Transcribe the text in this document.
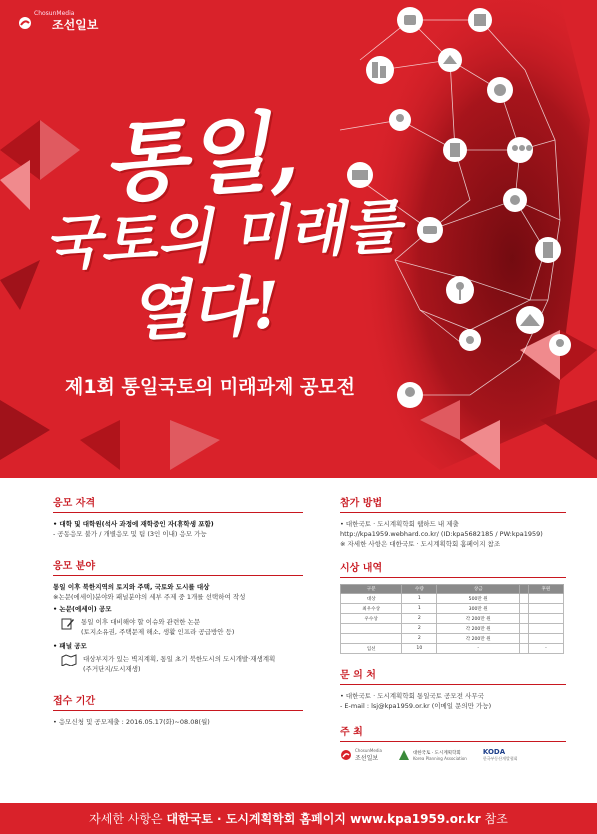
ChosunMedia
조선일보
통일,
국토의 미래를
열다!
제1회 통일국토의 미래과제 공모전
응모 자격
• 대학 및 대학원(석사 과정에 재학중인 자(휴학생 포함)
- 공동응모 불가 / 개별응모 및 팀 (3인 이내) 응모 가능
응모 분야
통일 이후 북한지역의 토지와 주택, 국토와 도시를 대상
※논문(에세이)분야와 패널분야의 세부 주제 중 1개를 선택하여 작성
• 논문(에세이) 공모
통일 이후 대비해야 할 이슈와 관련한 논문
(토지소유권, 주택문제 해소, 생활 인프라 공급방안 등)
• 패널 공모
대상부지가 있는 벽지계획, 통일 초기 북한도시의 도시개발·재생계획
(주거단지/도시재생)
접수 기간
• 응모신청 및 공모제출 : 2016.05.17(화)~08.08(월)
참가 방법
• 대한국토 · 도시계획학회 웹하드 내 제출
http://kpa1959.webhard.co.kr/ (ID:kpa5682185 / PW:kpa1959)
※ 자세한 사항은 대한국토 · 도시계획학회 홈페이지 참조
시상 내역
구분	수량	상금		후원
대상	1	500만 원		
최우수상	1	300만 원		
우수상	2	각 200만 원		
	2	각 200만 원		
	2	각 200만 원		
입선	10	-		-
문 의 처
• 대한국토 · 도시계획학회 통일국토 공모전 사무국
- E-mail : lsj@kpa1959.or.kr (이메일 문의만 가능)
주 최
ChosunMedia
조선일보
대한국토 · 도시계획학회
Korea Planning Association
KODA
한국부동산개발협회
자세한 사항은 대한국토 · 도시계획학회 홈페이지 www.kpa1959.or.kr 참조
